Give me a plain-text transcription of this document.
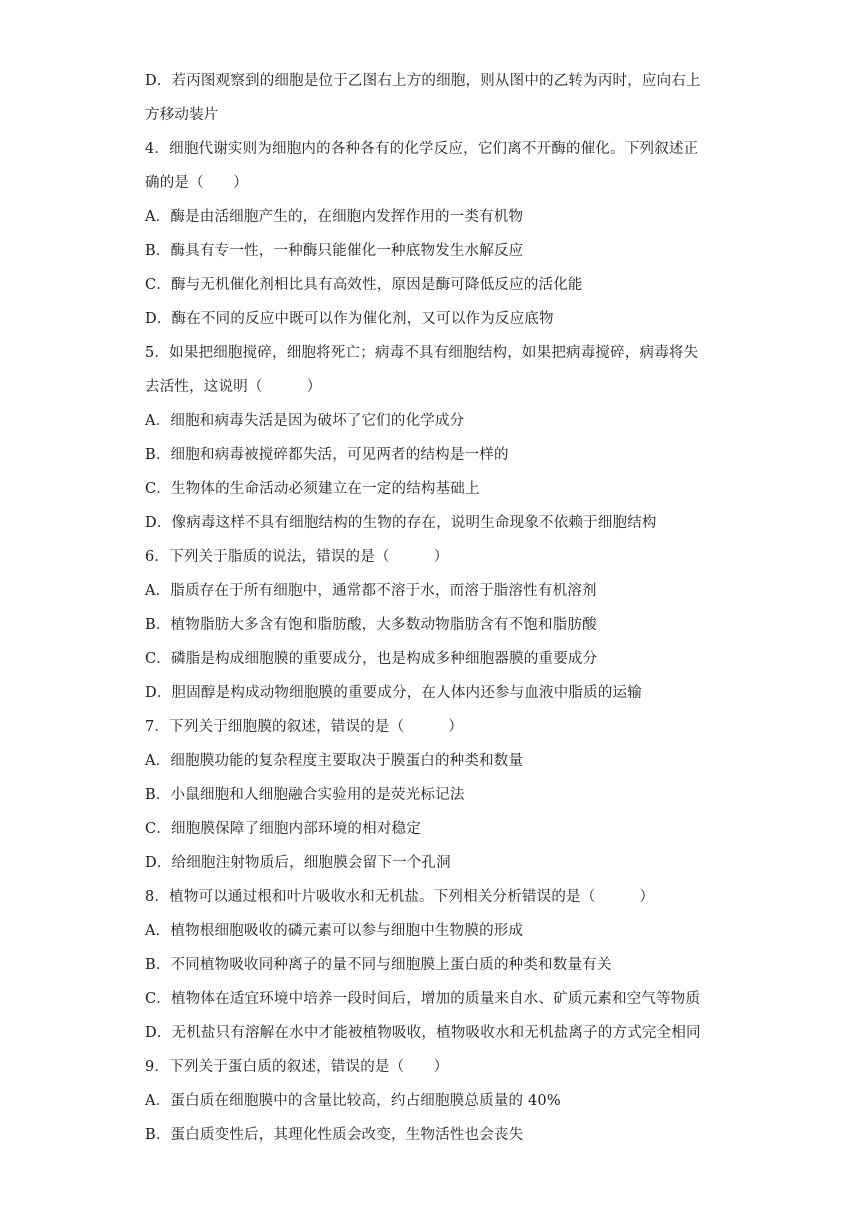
D．若丙图观察到的细胞是位于乙图右上方的细胞，则从图中的乙转为丙时，应向右上
方移动装片
4．细胞代谢实则为细胞内的各种各有的化学反应，它们离不开酶的催化。下列叙述正
确的是（　　）
A．酶是由活细胞产生的，在细胞内发挥作用的一类有机物
B．酶具有专一性，一种酶只能催化一种底物发生水解反应
C．酶与无机催化剂相比具有高效性，原因是酶可降低反应的活化能
D．酶在不同的反应中既可以作为催化剂，又可以作为反应底物
5．如果把细胞搅碎，细胞将死亡；病毒不具有细胞结构，如果把病毒搅碎，病毒将失
去活性，这说明（　　　）
A．细胞和病毒失活是因为破坏了它们的化学成分
B．细胞和病毒被搅碎都失活，可见两者的结构是一样的
C．生物体的生命活动必须建立在一定的结构基础上
D．像病毒这样不具有细胞结构的生物的存在，说明生命现象不依赖于细胞结构
6．下列关于脂质的说法，错误的是（　　　）
A．脂质存在于所有细胞中，通常都不溶于水，而溶于脂溶性有机溶剂
B．植物脂肪大多含有饱和脂肪酸，大多数动物脂肪含有不饱和脂肪酸
C．磷脂是构成细胞膜的重要成分，也是构成多种细胞器膜的重要成分
D．胆固醇是构成动物细胞膜的重要成分，在人体内还参与血液中脂质的运输
7．下列关于细胞膜的叙述，错误的是（　　　）
A．细胞膜功能的复杂程度主要取决于膜蛋白的种类和数量
B．小鼠细胞和人细胞融合实验用的是荧光标记法
C．细胞膜保障了细胞内部环境的相对稳定
D．给细胞注射物质后，细胞膜会留下一个孔洞
8．植物可以通过根和叶片吸收水和无机盐。下列相关分析错误的是（　　　）
A．植物根细胞吸收的磷元素可以参与细胞中生物膜的形成
B．不同植物吸收同种离子的量不同与细胞膜上蛋白质的种类和数量有关
C．植物体在适宜环境中培养一段时间后，增加的质量来自水、矿质元素和空气等物质
D．无机盐只有溶解在水中才能被植物吸收，植物吸收水和无机盐离子的方式完全相同
9．下列关于蛋白质的叙述，错误的是（　　）
A．蛋白质在细胞膜中的含量比较高，约占细胞膜总质量的 40%
B．蛋白质变性后，其理化性质会改变，生物活性也会丧失
